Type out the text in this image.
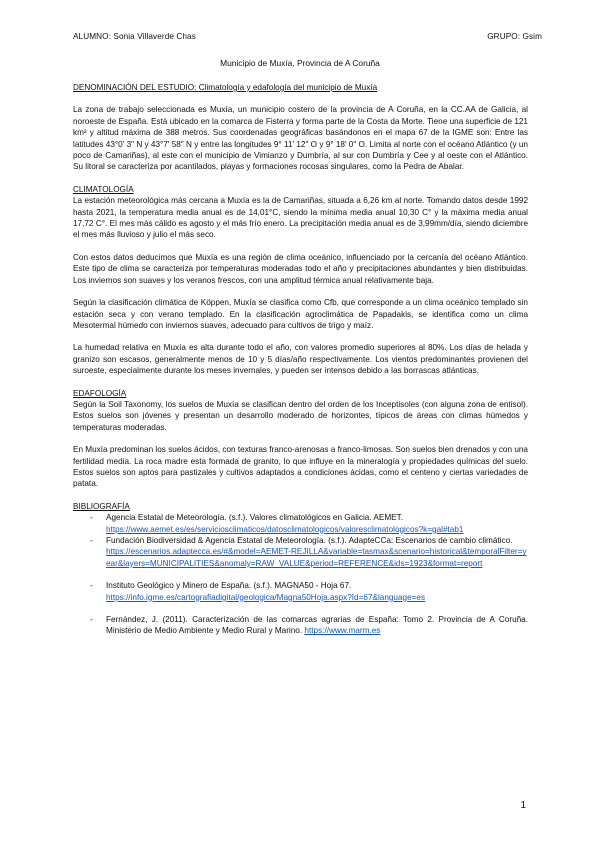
ALUMNO: Sonia Villaverde Chas	GRUPO: Gsim
Municipio de Muxía, Provincia de A Coruña

DENOMINACIÓN DEL ESTUDIO: Climatología y edafología del municipio de Muxía

La zona de trabajo seleccionada es Muxía, un municipio costero de la provincia de A Coruña, en la CC.AA de Galicia, al noroeste de España. Está ubicado en la comarca de Fisterra y forma parte de la Costa da Morte. Tiene una superficie de 121 km² y altitud máxima de 388 metros. Sus coordenadas geográficas basándonos en el mapa 67 de la IGME son: Entre las latitudes 43°0' 3" N y 43°7' 58" N y entre las longitudes 9° 11' 12" O y 9° 18' 0" O. Limita al norte con el océano Atlántico (y un poco de Camariñas), al este con el municipio de Vimianzo y Dumbría, al sur con Dumbría y Cee y al oeste con el Atlántico. Su litoral se caracteriza por acantilados, playas y formaciones rocosas singulares, como la Pedra de Abalar.

CLIMATOLOGÍA

La estación meteorológica más cercana a Muxía es la de Camariñas, situada a 6,26 km al norte. Tomando datos desde 1992 hasta 2021, la temperatura media anual es de 14,01°C, siendo la mínima media anual 10,30 C° y la máxima media anual 17,72 C°. El mes más cálido es agosto y el más frío enero. La precipitación media anual es de 3,99mm/día, siendo diciembre el mes más lluvioso y julio el más seco.

Con estos datos deducimos que Muxía es una región de clima oceánico, influenciado por la cercanía del océano Atlántico. Este tipo de clima se caracteriza por temperaturas moderadas todo el año y precipitaciones abundantes y bien distribuidas. Los inviernos son suaves y los veranos frescos, con una amplitud térmica anual relativamente baja.

Según la clasificación climática de Köppen, Muxía se clasifica como Cfb, que corresponde a un clima oceánico templado sin estación seca y con verano templado. En la clasificación agroclimática de Papadakis, se identifica como un clima Mesotermal húmedo con inviernos suaves, adecuado para cultivos de trigo y maíz.

La humedad relativa en Muxía es alta durante todo el año, con valores promedio superiores al 80%. Los días de helada y granizo son escasos, generalmente menos de 10 y 5 días/año respectivamente. Los vientos predominantes provienen del suroeste, especialmente durante los meses invernales, y pueden ser intensos debido a las borrascas atlánticas.

EDAFOLOGÍA

Según la Soil Taxonomy, los suelos de Muxía se clasifican dentro del orden de los Inceptisoles (con alguna zona de entisol). Estos suelos son jóvenes y presentan un desarrollo moderado de horizontes, típicos de áreas con climas húmedos y temperaturas moderadas.

En Muxía predominan los suelos ácidos, con texturas franco-arenosas a franco-limosas. Son suelos bien drenados y con una fertilidad media. La roca madre esta formada de granito, lo que influye en la mineralogía y propiedades químicas del suelo. Estos suelos son aptos para pastizales y cultivos adaptados a condiciones ácidas, como el centeno y ciertas variedades de patata.

BIBLIOGRAFÍA

- Agencia Estatal de Meteorología. (s.f.). Valores climatológicos en Galicia. AEMET.
https://www.aemet.es/es/serviciosclimaticos/datosclimatologicos/valoresclimatologicos?k=gal#tab1
- Fundación Biodiversidad & Agencia Estatal de Meteorología. (s.f.). AdapteCCa: Escenarios de cambio climático.
https://escenarios.adaptecca.es/#&model=AEMET-REJILLA&variable=tasmax&scenario=historical&temporalFilter=year&layers=MUNICIPALITIES&anomaly=RAW_VALUE&period=REFERENCE&ids=1923&format=report
- Instituto Geológico y Minero de España. (s.f.). MAGNA50 - Hoja 67.
https://info.igme.es/cartografiadigital/geologica/Magna50Hoja.aspx?Id=67&language=es
- Fernández, J. (2011). Caracterización de las comarcas agrarias de España: Tomo 2. Provincia de A Coruña. Ministerio de Medio Ambiente y Medio Rural y Marino. https://www.marm.es
1
